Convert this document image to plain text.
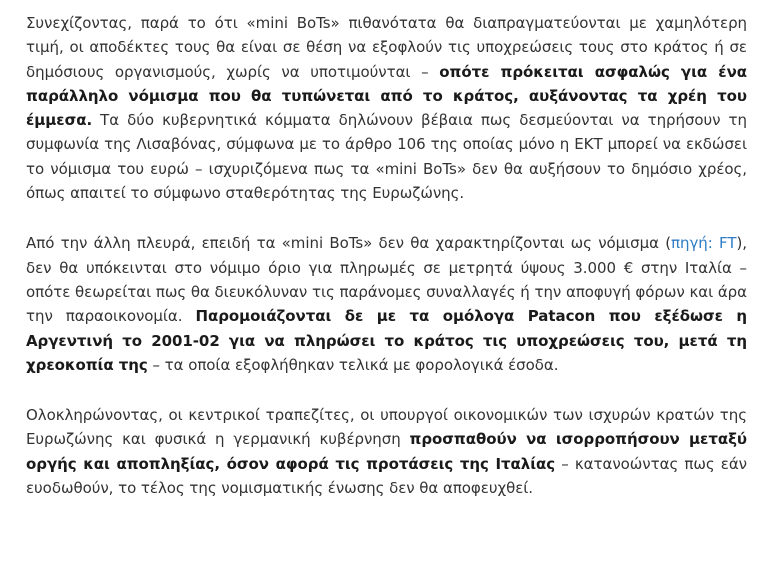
Συνεχίζοντας, παρά το ότι «mini BoTs» πιθανότατα θα διαπραγματεύονται με χαμηλότερη τιμή, οι αποδέκτες τους θα είναι σε θέση να εξοφλούν τις υποχρεώσεις τους στο κράτος ή σε δημόσιους οργανισμούς, χωρίς να υποτιμούνται – οπότε πρόκειται ασφαλώς για ένα παράλληλο νόμισμα που θα τυπώνεται από το κράτος, αυξάνοντας τα χρέη του έμμεσα. Τα δύο κυβερνητικά κόμματα δηλώνουν βέβαια πως δεσμεύονται να τηρήσουν τη συμφωνία της Λισαβόνας, σύμφωνα με το άρθρο 106 της οποίας μόνο η ΕΚΤ μπορεί να εκδώσει το νόμισμα του ευρώ – ισχυριζόμενα πως τα «mini BoTs» δεν θα αυξήσουν το δημόσιο χρέος, όπως απαιτεί το σύμφωνο σταθερότητας της Ευρωζώνης.

Από την άλλη πλευρά, επειδή τα «mini BoTs» δεν θα χαρακτηρίζονται ως νόμισμα (πηγή: FT), δεν θα υπόκεινται στο νόμιμο όριο για πληρωμές σε μετρητά ύψους 3.000 € στην Ιταλία – οπότε θεωρείται πως θα διευκόλυναν τις παράνομες συναλλαγές ή την αποφυγή φόρων και άρα την παραοικονομία. Παρομοιάζονται δε με τα ομόλογα Patacon που εξέδωσε η Αργεντινή το 2001-02 για να πληρώσει το κράτος τις υποχρεώσεις του, μετά τη χρεοκοπία της – τα οποία εξοφλήθηκαν τελικά με φορολογικά έσοδα.

Ολοκληρώνοντας, οι κεντρικοί τραπεζίτες, οι υπουργοί οικονομικών των ισχυρών κρατών της Ευρωζώνης και φυσικά η γερμανική κυβέρνηση προσπαθούν να ισορροπήσουν μεταξύ οργής και αποπληξίας, όσον αφορά τις προτάσεις της Ιταλίας – κατανοώντας πως εάν ευοδωθούν, το τέλος της νομισματικής ένωσης δεν θα αποφευχθεί.
